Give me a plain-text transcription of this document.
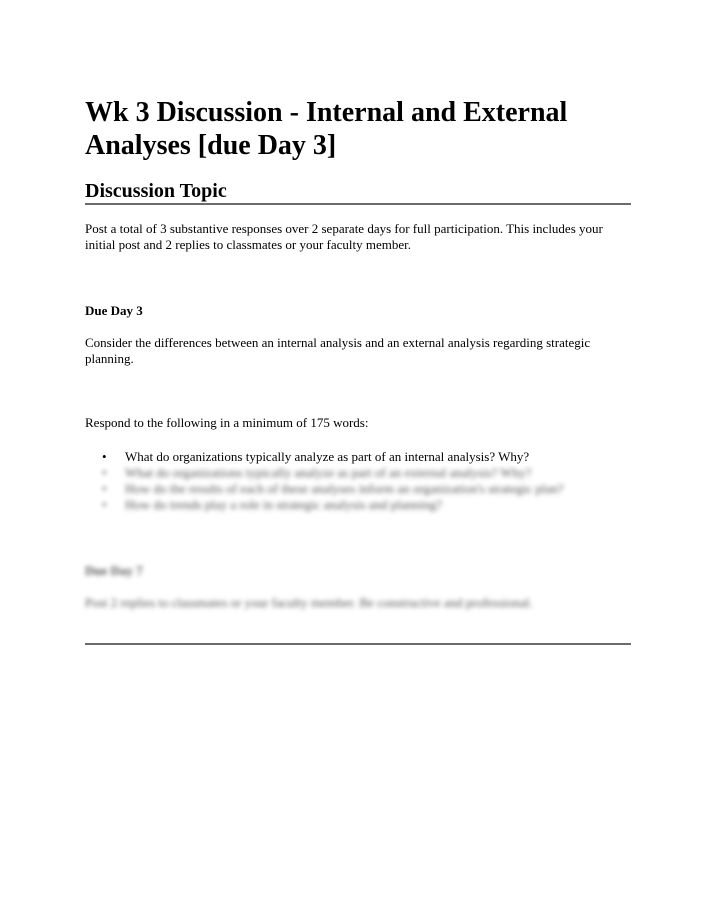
Wk 3 Discussion - Internal and External Analyses [due Day 3]
Discussion Topic

Post a total of 3 substantive responses over 2 separate days for full participation. This includes your initial post and 2 replies to classmates or your faculty member.

Due Day 3

Consider the differences between an internal analysis and an external analysis regarding strategic planning.

Respond to the following in a minimum of 175 words:

• What do organizations typically analyze as part of an internal analysis? Why?
• What do organizations typically analyze as part of an external analysis? Why?
• How do the results of each of these analyses inform an organization's strategic plan?
• How do trends play a role in strategic analysis and planning?

Due Day 7

Post 2 replies to classmates or your faculty member. Be constructive and professional.
